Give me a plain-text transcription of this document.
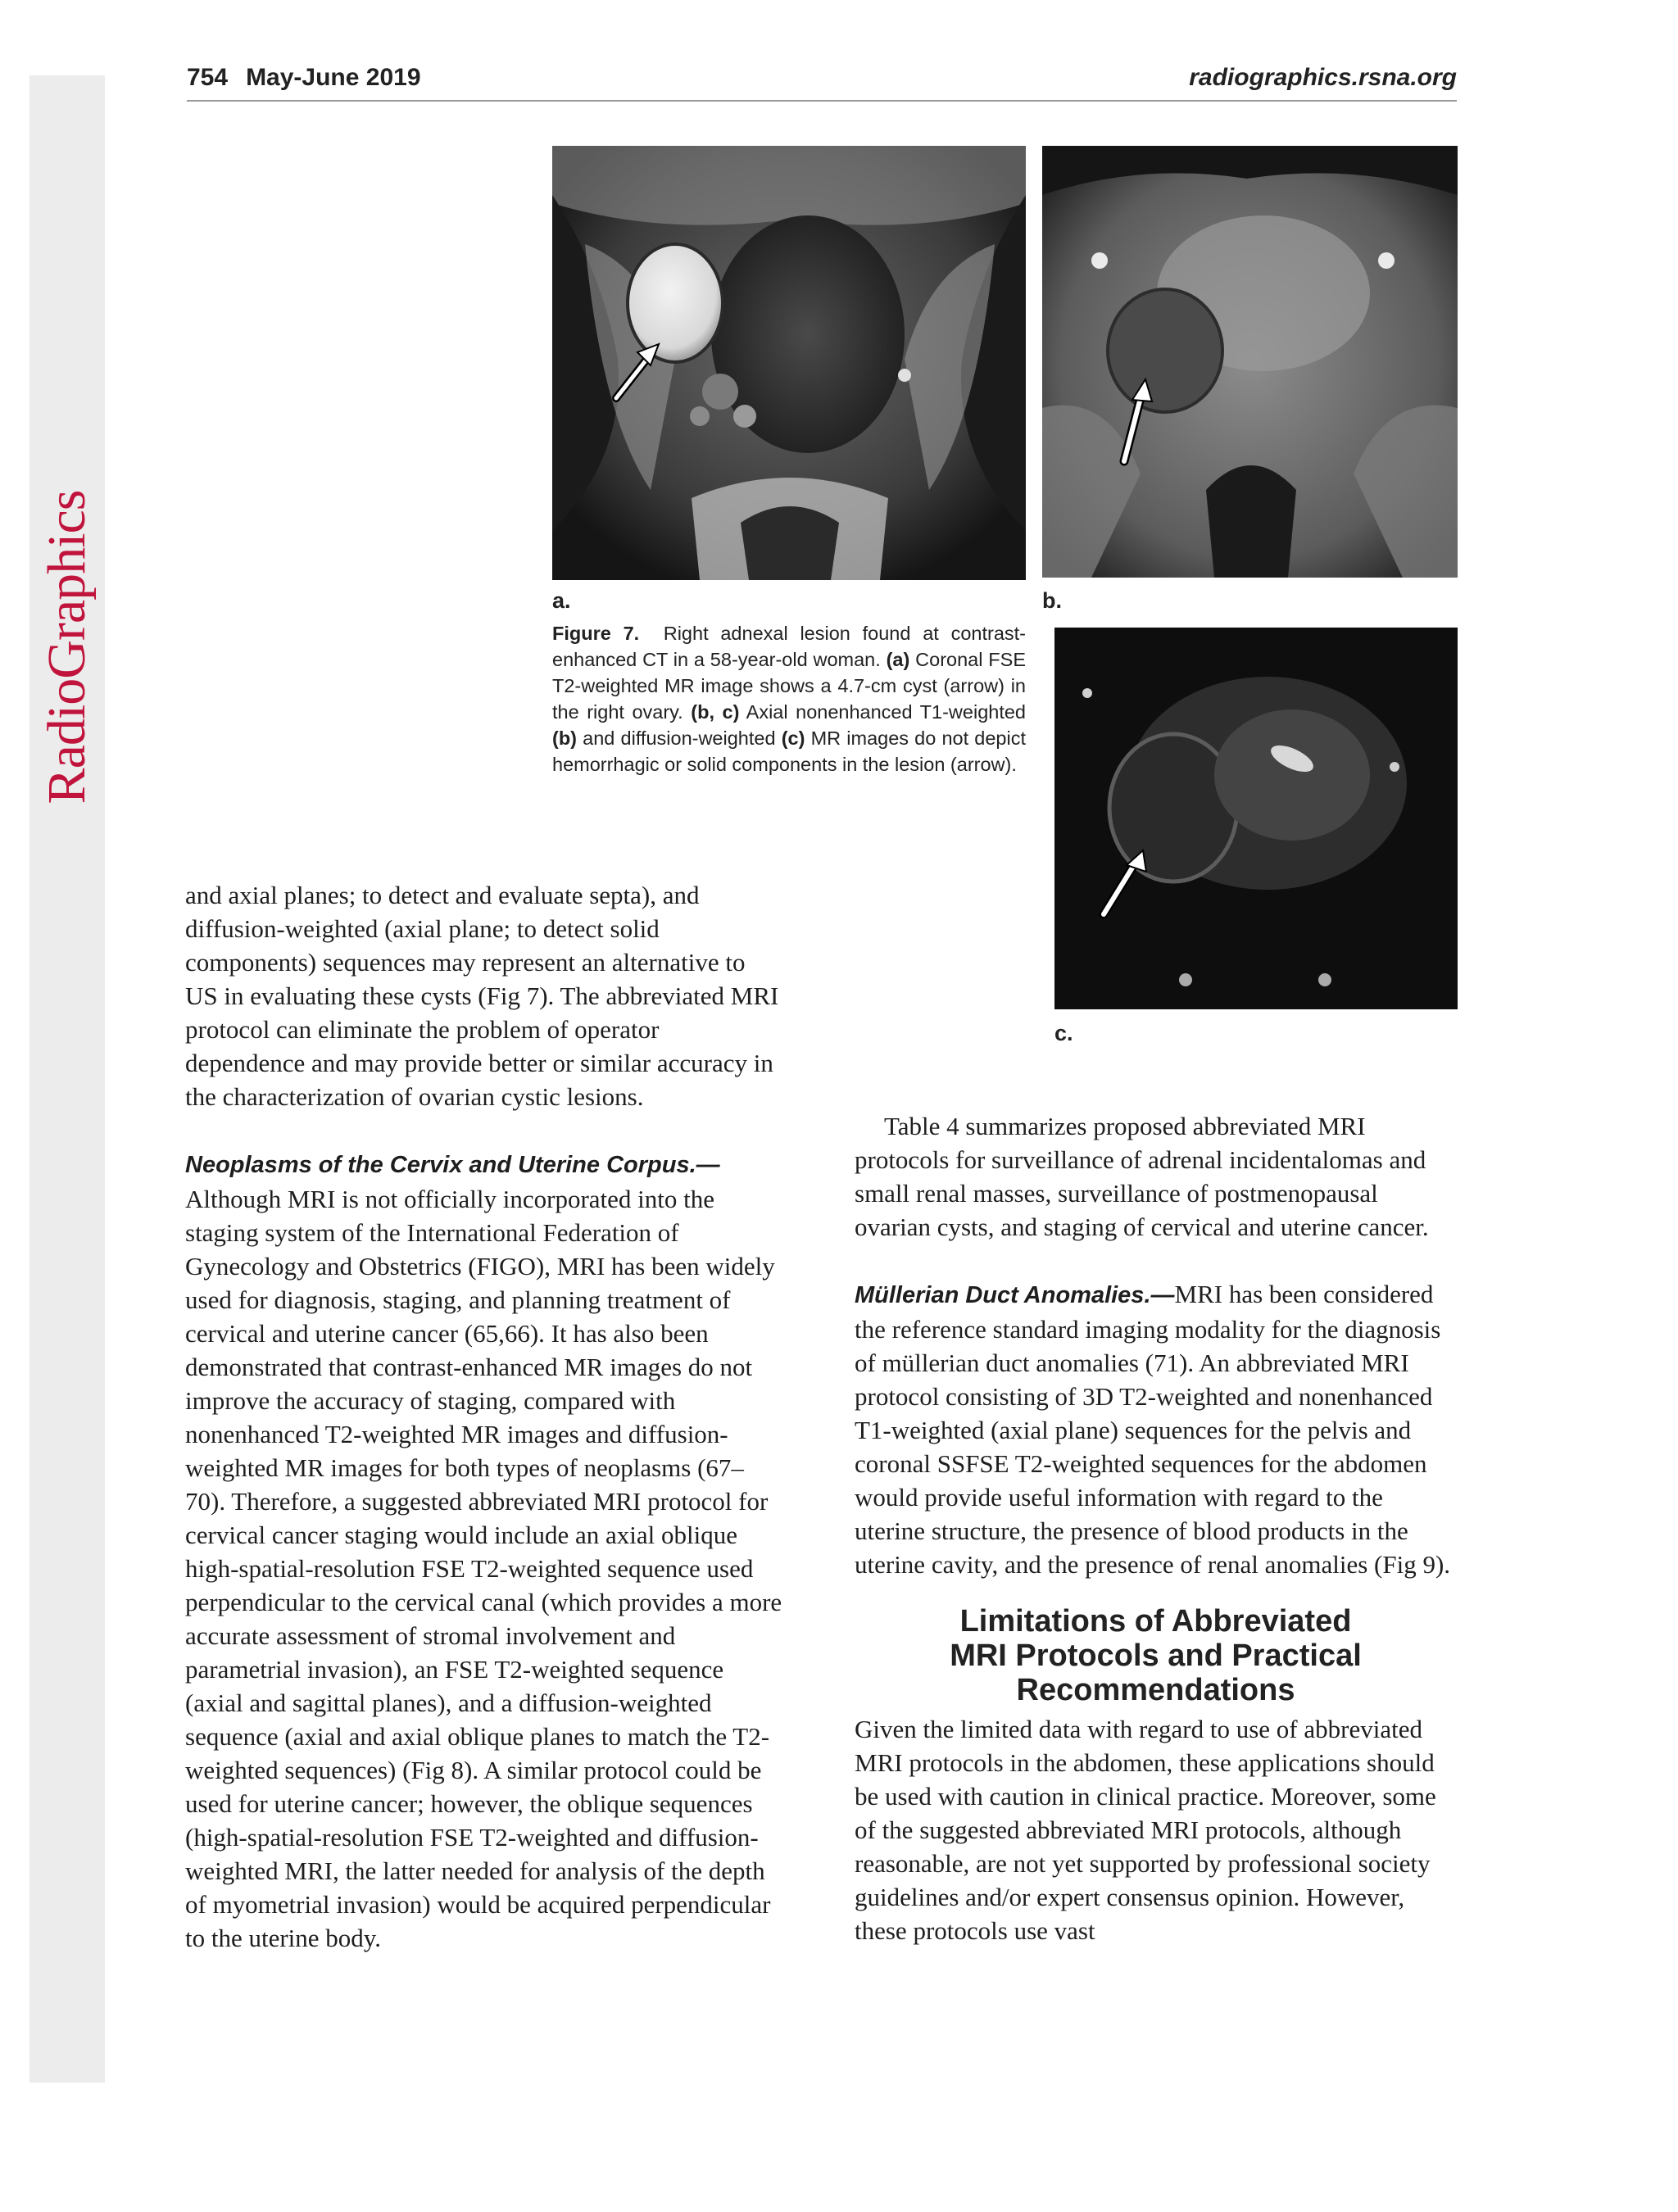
RadioGraphics
754 May-June 2019	radiographics.rsna.org
a.	b.
c.

Figure 7. Right adnexal lesion found at contrast-enhanced CT in a 58-year-old woman. (a) Coronal FSE T2-weighted MR image shows a 4.7-cm cyst (arrow) in the right ovary. (b, c) Axial nonenhanced T1-weighted (b) and diffusion-weighted (c) MR images do not depict hemorrhagic or solid components in the lesion (arrow).

and axial planes; to detect and evaluate septa), and diffusion-weighted (axial plane; to detect solid components) sequences may represent an alternative to US in evaluating these cysts (Fig 7). The abbreviated MRI protocol can eliminate the problem of operator dependence and may provide better or similar accuracy in the characterization of ovarian cystic lesions.

Neoplasms of the Cervix and Uterine Corpus.—
Although MRI is not officially incorporated into the staging system of the International Federation of Gynecology and Obstetrics (FIGO), MRI has been widely used for diagnosis, staging, and planning treatment of cervical and uterine cancer (65,66). It has also been demonstrated that contrast-enhanced MR images do not improve the accuracy of staging, compared with nonenhanced T2-weighted MR images and diffusion-weighted MR images for both types of neoplasms (67–70). Therefore, a suggested abbreviated MRI protocol for cervical cancer staging would include an axial oblique high-spatial-resolution FSE T2-weighted sequence used perpendicular to the cervical canal (which provides a more accurate assessment of stromal involvement and parametrial invasion), an FSE T2-weighted sequence (axial and sagittal planes), and a diffusion-weighted sequence (axial and axial oblique planes to match the T2-weighted sequences) (Fig 8). A similar protocol could be used for uterine cancer; however, the oblique sequences (high-spatial-resolution FSE T2-weighted and diffusion-weighted MRI, the latter needed for analysis of the depth of myometrial invasion) would be acquired perpendicular to the uterine body.

Table 4 summarizes proposed abbreviated MRI protocols for surveillance of adrenal incidentalomas and small renal masses, surveillance of postmenopausal ovarian cysts, and staging of cervical and uterine cancer.

Müllerian Duct Anomalies.—MRI has been considered the reference standard imaging modality for the diagnosis of müllerian duct anomalies (71). An abbreviated MRI protocol consisting of 3D T2-weighted and nonenhanced T1-weighted (axial plane) sequences for the pelvis and coronal SSFSE T2-weighted sequences for the abdomen would provide useful information with regard to the uterine structure, the presence of blood products in the uterine cavity, and the presence of renal anomalies (Fig 9).

Limitations of Abbreviated
MRI Protocols and Practical
Recommendations

Given the limited data with regard to use of abbreviated MRI protocols in the abdomen, these applications should be used with caution in clinical practice. Moreover, some of the suggested abbreviated MRI protocols, although reasonable, are not yet supported by professional society guidelines and/or expert consensus opinion. However, these protocols use vast
